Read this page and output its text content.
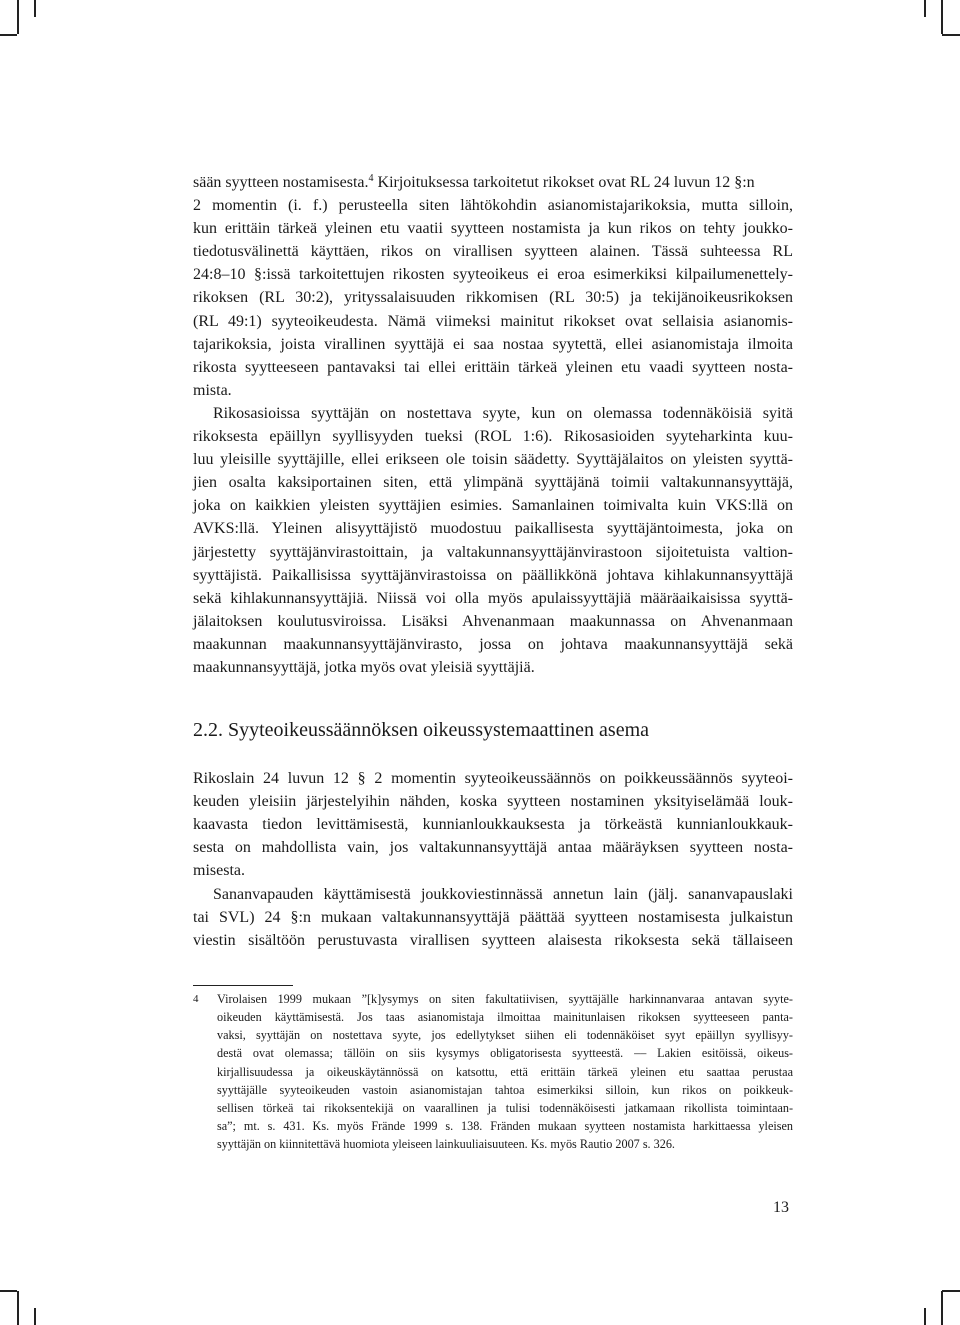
sään syytteen nostamisesta.$^4$ Kirjoituksessa tarkoitetut rikokset ovat RL 24 luvun 12 §:n
2 momentin (i. f.) perusteella siten lähtökohdin asianomistajarikoksia, mutta silloin,
kun erittäin tärkeä yleinen etu vaatii syytteen nostamista ja kun rikos on tehty joukko-
tiedotusvälinettä käyttäen, rikos on virallisen syytteen alainen. Tässä suhteessa RL
24:8–10 §:issä tarkoitettujen rikosten syyteoikeus ei eroa esimerkiksi kilpailumenettely-
rikoksen (RL 30:2), yrityssalaisuuden rikkomisen (RL 30:5) ja tekijänoikeusrikoksen
(RL 49:1) syyteoikeudesta. Nämä viimeksi mainitut rikokset ovat sellaisia asianomis-
tajarikoksia, joista virallinen syyttäjä ei saa nostaa syytettä, ellei asianomistaja ilmoita
rikosta syytteeseen pantavaksi tai ellei erittäin tärkeä yleinen etu vaadi syytteen nosta-
mista.
Rikosasioissa syyttäjän on nostettava syyte, kun on olemassa todennäköisiä syitä
rikoksesta epäillyn syyllisyyden tueksi (ROL 1:6). Rikosasioiden syyteharkinta kuu-
luu yleisille syyttäjille, ellei erikseen ole toisin säädetty. Syyttäjälaitos on yleisten syyttä-
jien osalta kaksiportainen siten, että ylimpänä syyttäjänä toimii valtakunnansyyttäjä,
joka on kaikkien yleisten syyttäjien esimies. Samanlainen toimivalta kuin VKS:llä on
AVKS:llä. Yleinen alisyyttäjistö muodostuu paikallisesta syyttäjäntoimesta, joka on
järjestetty syyttäjänvirastoittain, ja valtakunnansyyttäjänvirastoon sijoitetuista valtion-
syyttäjistä. Paikallisissa syyttäjänvirastoissa on päällikkönä johtava kihlakunnansyyttäjä
sekä kihlakunnansyyttäjiä. Niissä voi olla myös apulaissyyttäjiä määräaikaisissa syyttä-
jälaitoksen koulutusviroissa. Lisäksi Ahvenanmaan maakunnassa on Ahvenanmaan
maakunnan maakunnansyyttäjänvirasto, jossa on johtava maakunnansyyttäjä sekä
maakunnansyyttäjä, jotka myös ovat yleisiä syyttäjiä.
2.2. Syyteoikeussäännöksen oikeussystemaattinen asema
Rikoslain 24 luvun 12 § 2 momentin syyteoikeussäännös on poikkeussäännös syyteoi-
keuden yleisiin järjestelyihin nähden, koska syytteen nostaminen yksityiselämää louk-
kaavasta tiedon levittämisestä, kunnianloukkauksesta ja törkeästä kunnianloukkauk-
sesta on mahdollista vain, jos valtakunnansyyttäjä antaa määräyksen syytteen nosta-
misesta.
Sananvapauden käyttämisestä joukkoviestinnässä annetun lain (jälj. sananvapauslaki
tai SVL) 24 §:n mukaan valtakunnansyyttäjä päättää syytteen nostamisesta julkaistun
viestin sisältöön perustuvasta virallisen syytteen alaisesta rikoksesta sekä tällaiseen
4 Virolaisen 1999 mukaan ”[k]ysymys on siten fakultatiivisen, syyttäjälle harkinnanvaraa antavan syyte-
oikeuden käyttämisestä. Jos taas asianomistaja ilmoittaa mainitunlaisen rikoksen syytteeseen panta-
vaksi, syyttäjän on nostettava syyte, jos edellytykset siihen eli todennäköiset syyt epäillyn syyllisyy-
destä ovat olemassa; tällöin on siis kysymys obligatorisesta syytteestä. –– Lakien esitöissä, oikeus-
kirjallisuudessa ja oikeuskäytännössä on katsottu, että erittäin tärkeä yleinen etu saattaa perustaa
syyttäjälle syyteoikeuden vastoin asianomistajan tahtoa esimerkiksi silloin, kun rikos on poikkeuk-
sellisen törkeä tai rikoksentekijä on vaarallinen ja tulisi todennäköisesti jatkamaan rikollista toimintaan-
sa”; mt. s. 431. Ks. myös Frände 1999 s. 138. Fränden mukaan syytteen nostamista harkittaessa yleisen
syyttäjän on kiinnitettävä huomiota yleiseen lainkuuliaisuuteen. Ks. myös Rautio 2007 s. 326.
13
